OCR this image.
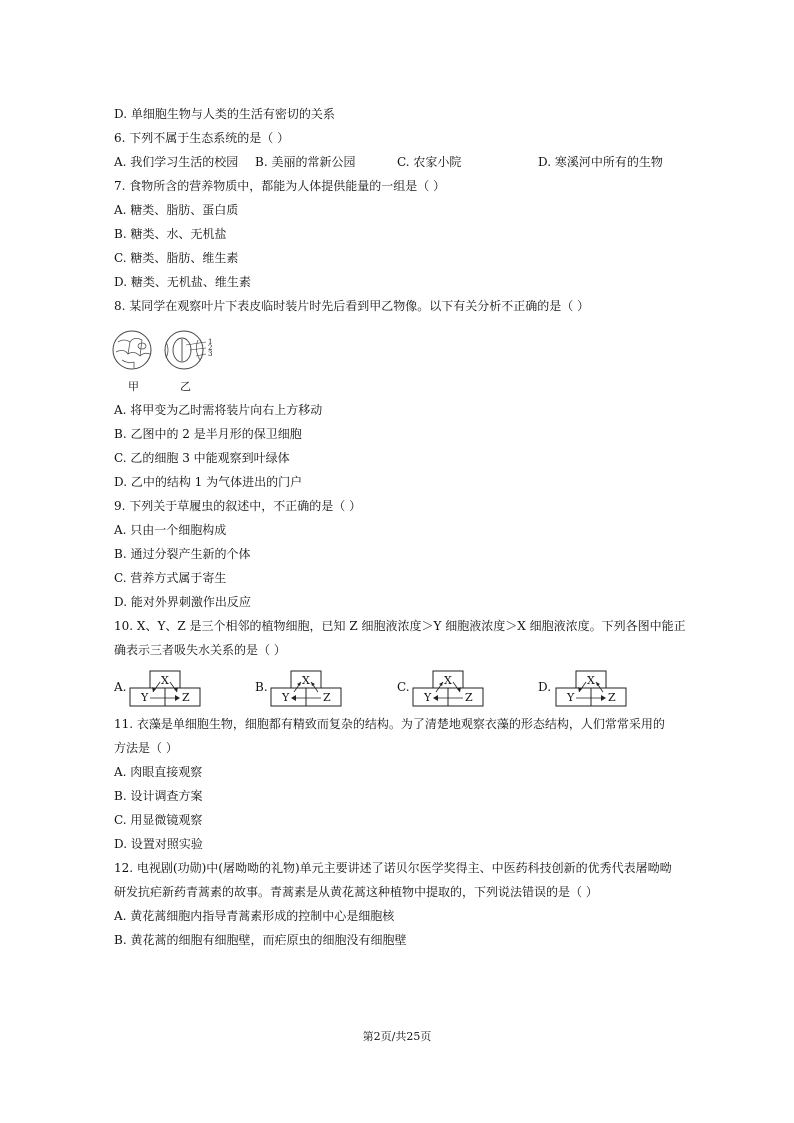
D. 单细胞生物与人类的生活有密切的关系
6. 下列不属于生态系统的是（ ）
A. 我们学习生活的校园 B. 美丽的常新公园	C. 农家小院	D. 寒溪河中所有的生物
7. 食物所含的营养物质中，都能为人体提供能量的一组是（ ）
A. 糖类、脂肪、蛋白质
B. 糖类、水、无机盐
C. 糖类、脂肪、维生素
D. 糖类、无机盐、维生素
8. 某同学在观察叶片下表皮临时装片时先后看到甲乙物像。以下有关分析不正确的是（ ）
1
2
3
甲	乙
A. 将甲变为乙时需将装片向右上方移动
B. 乙图中的 2 是半月形的保卫细胞
C. 乙的细胞 3 中能观察到叶绿体
D. 乙中的结构 1 为气体进出的门户
9. 下列关于草履虫的叙述中，不正确的是（ ）
A. 只由一个细胞构成
B. 通过分裂产生新的个体
C. 营养方式属于寄生
D. 能对外界刺激作出反应
10. X、Y、Z 是三个相邻的植物细胞，已知 Z 细胞液浓度＞Y 细胞液浓度＞X 细胞液浓度。下列各图中能正
确表示三者吸失水关系的是（ ）
A.	X
Y	Z
B.	X
Y	Z
C.	X
Y	Z
D.	X
Y	Z
11. 衣藻是单细胞生物，细胞都有精致而复杂的结构。为了清楚地观察衣藻的形态结构，人们常常采用的
方法是（ ）
A. 肉眼直接观察
B. 设计调查方案
C. 用显微镜观察
D. 设置对照实验
12. 电视剧(功勋)中(屠呦呦的礼物)单元主要讲述了诺贝尔医学奖得主、中医药科技创新的优秀代表屠呦呦
研发抗疟新药青蒿素的故事。青蒿素是从黄花蒿这种植物中提取的，下列说法错误的是（ ）
A. 黄花蒿细胞内指导青蒿素形成的控制中心是细胞核
B. 黄花蒿的细胞有细胞壁，而疟原虫的细胞没有细胞壁
第2页/共25页
